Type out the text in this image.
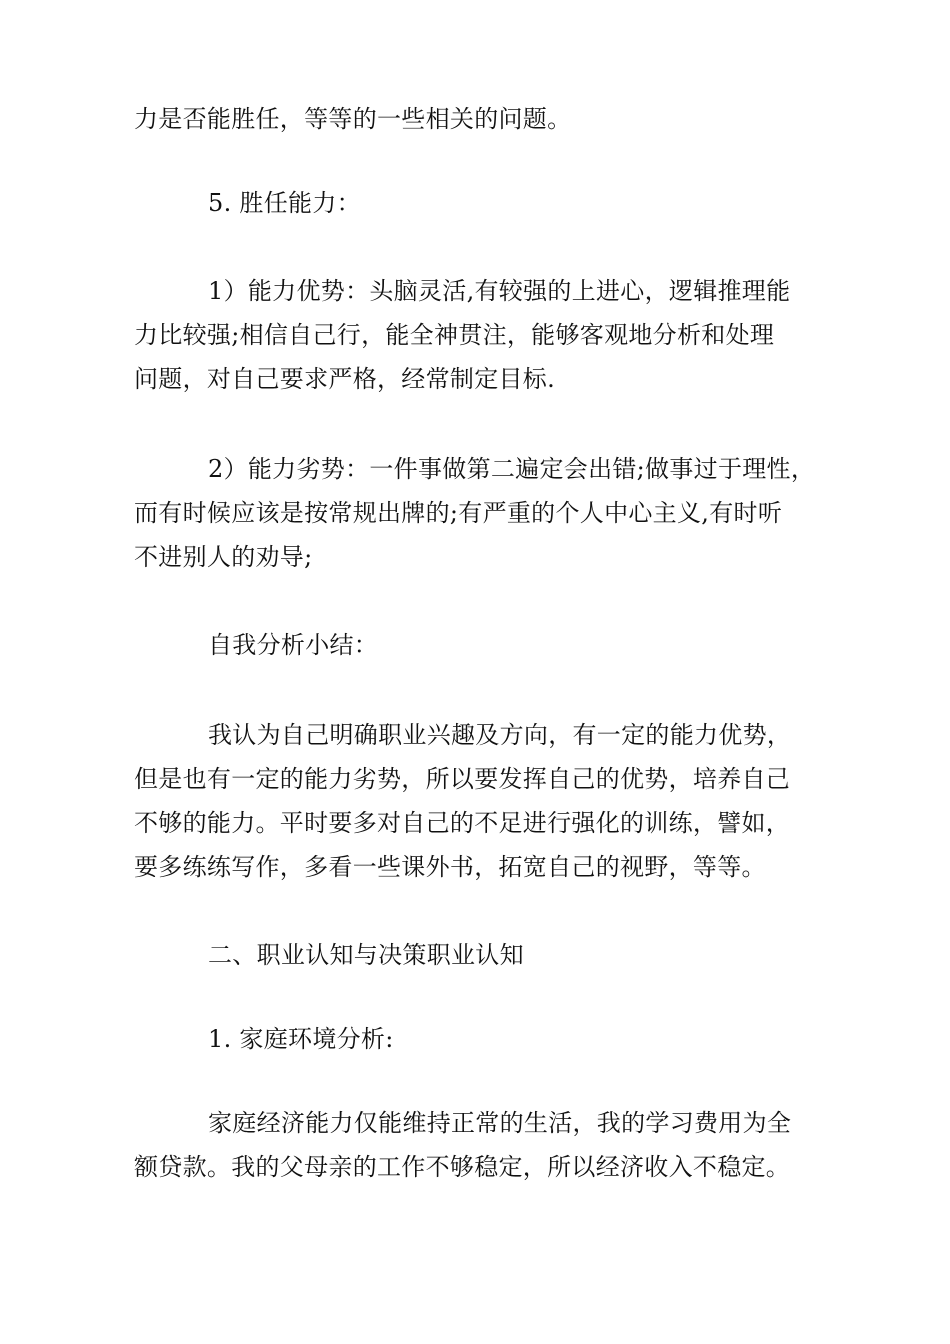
力是否能胜任，等等的一些相关的问题。
5. 胜任能力：
1）能力优势：头脑灵活,有较强的上进心，逻辑推理能
力比较强;相信自己行，能全神贯注，能够客观地分析和处理
问题，对自己要求严格，经常制定目标.
2）能力劣势：一件事做第二遍定会出错;做事过于理性，
而有时候应该是按常规出牌的;有严重的个人中心主义,有时听
不进别人的劝导;
自我分析小结：
我认为自己明确职业兴趣及方向，有一定的能力优势，
但是也有一定的能力劣势，所以要发挥自己的优势，培养自己
不够的能力。平时要多对自己的不足进行强化的训练，譬如，
要多练练写作，多看一些课外书，拓宽自己的视野，等等。
二、职业认知与决策职业认知
1. 家庭环境分析:
家庭经济能力仅能维持正常的生活，我的学习费用为全
额贷款。我的父母亲的工作不够稳定，所以经济收入不稳定。
